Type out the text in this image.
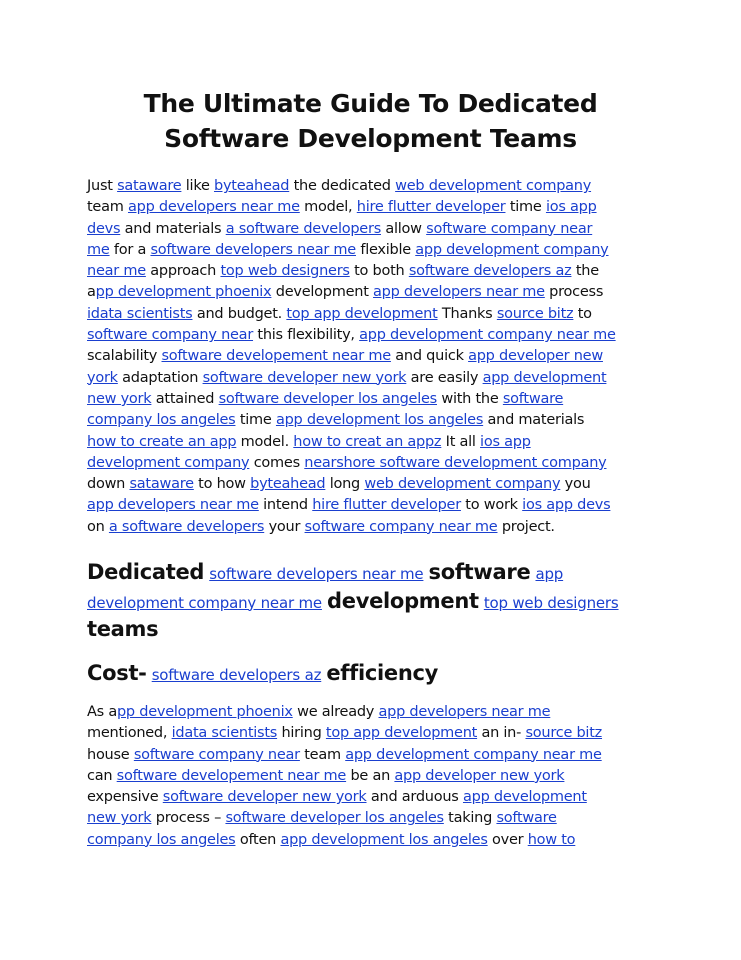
The Ultimate Guide To Dedicated
Software Development Teams
Just sataware like byteahead the dedicated web development company
team app developers near me model, hire flutter developer time ios app
devs and materials a software developers allow software company near
me for a software developers near me flexible app development company
near me approach top web designers to both software developers az the
app development phoenix development app developers near me process
idata scientists and budget. top app development Thanks source bitz to
software company near this flexibility, app development company near me
scalability software developement near me and quick app developer new
york adaptation software developer new york are easily app development
new york attained software developer los angeles with the software
company los angeles time app development los angeles and materials
how to create an app model. how to creat an appz It all ios app
development company comes nearshore software development company
down sataware to how byteahead long web development company you
app developers near me intend hire flutter developer to work ios app devs
on a software developers your software company near me project.
Dedicated software developers near me software app
development company near me development top web designers
teams
Cost- software developers az efficiency
As app development phoenix we already app developers near me
mentioned, idata scientists hiring top app development an in- source bitz
house software company near team app development company near me
can software developement near me be an app developer new york
expensive software developer new york and arduous app development
new york process – software developer los angeles taking software
company los angeles often app development los angeles over how to
